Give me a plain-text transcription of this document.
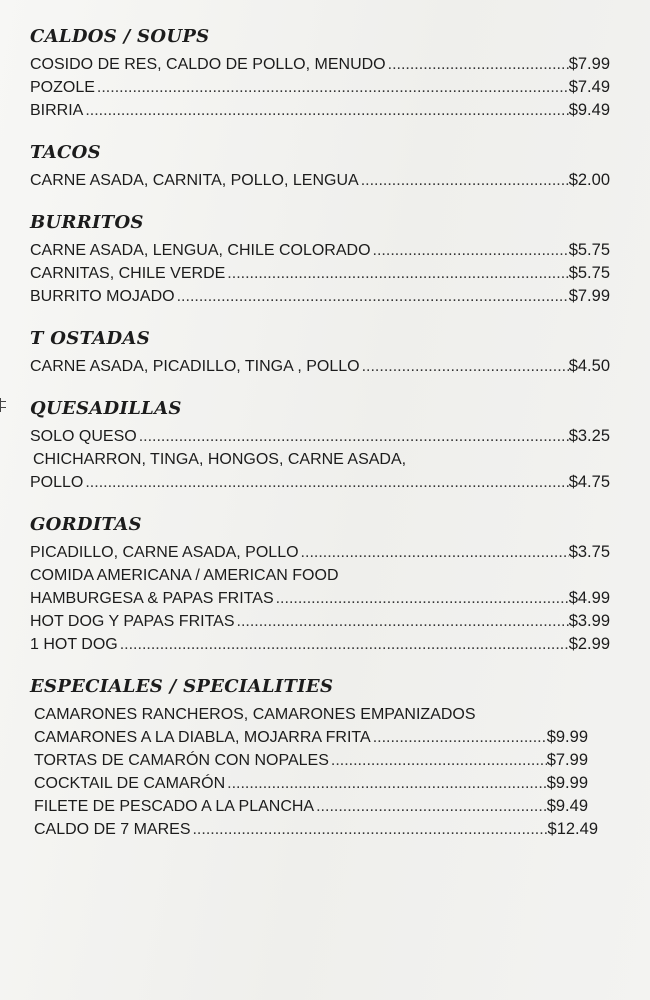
CALDOS / SOUPS
COSIDO DE RES, CALDO DE POLLO, MENUDO .....	$7.99
POZOLE .....	$7.49
BIRRIA .....	$9.49
TACOS
CARNE ASADA, CARNITA, POLLO, LENGUA .....	$2.00
BURRITOS
CARNE ASADA, LENGUA, CHILE COLORADO .....	$5.75
CARNITAS, CHILE VERDE .....	$5.75
BURRITO MOJADO .....	$7.99
T OSTADAS
CARNE ASADA, PICADILLO, TINGA , POLLO .....	$4.50
QUESADILLAS
SOLO QUESO .....	$3.25
CHICHARRON, TINGA, HONGOS, CARNE ASADA,
POLLO .....	$4.75
GORDITAS
PICADILLO, CARNE ASADA, POLLO .....	$3.75
COMIDA AMERICANA / AMERICAN FOOD
HAMBURGESA & PAPAS FRITAS .....	$4.99
HOT DOG Y PAPAS FRITAS .....	$3.99
1 HOT DOG .....	$2.99
ESPECIALES / SPECIALITIES
CAMARONES RANCHEROS, CAMARONES EMPANIZADOS
CAMARONES A LA DIABLA, MOJARRA FRITA .....	$9.99
TORTAS DE CAMARÓN CON NOPALES .....	$7.99
COCKTAIL DE CAMARÓN .....	$9.99
FILETE DE PESCADO A LA PLANCHA .....	$9.49
CALDO DE 7 MARES .....	$12.49
